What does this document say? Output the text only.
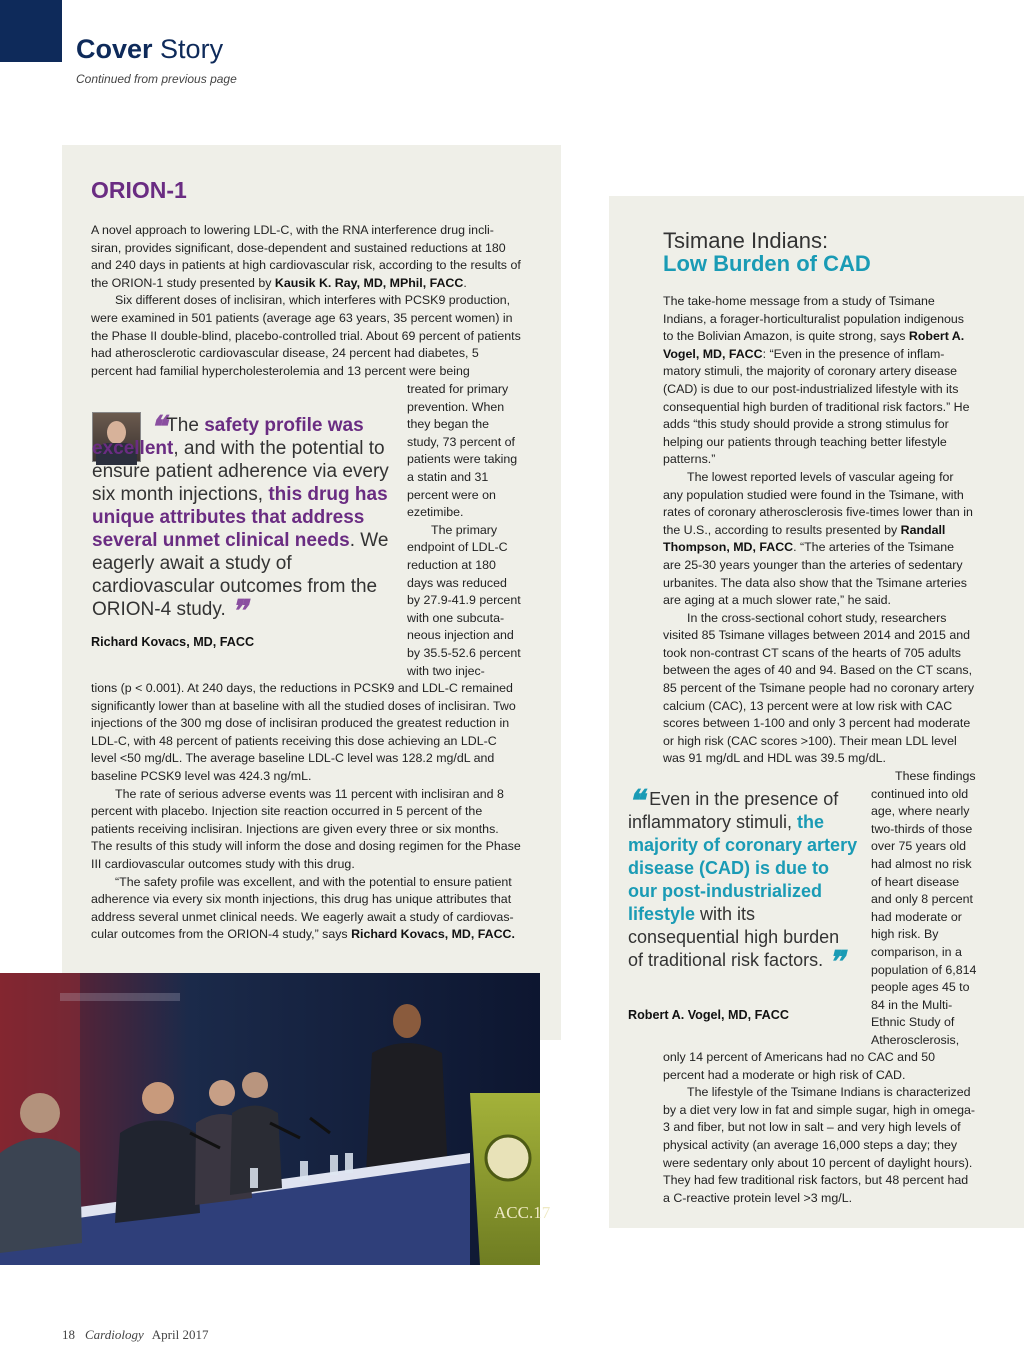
Cover Story
Continued from previous page
ORION-1

A novel approach to lowering LDL-C, with the RNA interference drug incli-siran, provides significant, dose-dependent and sustained reductions at 180 and 240 days in patients at high cardiovascular risk, according to the results of the ORION-1 study presented by Kausik K. Ray, MD, MPhil, FACC.

Six different doses of inclisiran, which interferes with PCSK9 production, were examined in 501 patients (average age 63 years, 35 percent women) in the Phase II double-blind, placebo-controlled trial. About 69 percent of patients had atherosclerotic cardiovascular disease, 24 percent had diabetes, 5 percent had familial hypercholesterolemia and 13 percent were being

treated for primary prevention. When they began the study, 73 percent of patients were taking a statin and 31 percent were on ezetimibe.

The primary endpoint of LDL-C reduction at 180 days was reduced by 27.9-41.9 percent with one subcuta-neous injection and by 35.5-52.6 percent with two injec-

❝The safety profile was excellent, and with the potential to ensure patient adherence via every six month injections, this drug has unique attributes that address several unmet clinical needs. We eagerly await a study of cardiovascular outcomes from the ORION-4 study. ❞
Richard Kovacs, MD, FACC

tions (p < 0.001). At 240 days, the reductions in PCSK9 and LDL-C remained significantly lower than at baseline with all the studied doses of inclisiran. Two injections of the 300 mg dose of inclisiran produced the greatest reduction in LDL-C, with 48 percent of patients receiving this dose achieving an LDL-C level <50 mg/dL. The average baseline LDL-C level was 128.2 mg/dL and baseline PCSK9 level was 424.3 ng/mL.

The rate of serious adverse events was 11 percent with inclisiran and 8 percent with placebo. Injection site reaction occurred in 5 percent of the patients receiving inclisiran. Injections are given every three or six months. The results of this study will inform the dose and dosing regimen for the Phase III cardiovascular outcomes study with this drug.

“The safety profile was excellent, and with the potential to ensure patient adherence via every six month injections, this drug has unique attributes that address several unmet clinical needs. We eagerly await a study of cardiovas-cular outcomes from the ORION-4 study,” says Richard Kovacs, MD, FACC.

Tsimane Indians:
Low Burden of CAD

The take-home message from a study of Tsimane Indians, a forager-horticulturalist population indigenous to the Bolivian Amazon, is quite strong, says Robert A. Vogel, MD, FACC: “Even in the presence of inflam-matory stimuli, the majority of coronary artery disease (CAD) is due to our post-industrialized lifestyle with its consequential high burden of traditional risk factors.” He adds “this study should provide a strong stimulus for helping our patients through teaching better lifestyle patterns.”

The lowest reported levels of vascular ageing for any population studied were found in the Tsimane, with rates of coronary atherosclerosis five-times lower than in the U.S., according to results presented by Randall Thompson, MD, FACC. “The arteries of the Tsimane are 25-30 years younger than the arteries of sedentary urbanites. The data also show that the Tsimane arteries are aging at a much slower rate,” he said.

In the cross-sectional cohort study, researchers visited 85 Tsimane villages between 2014 and 2015 and took non-contrast CT scans of the hearts of 705 adults between the ages of 40 and 94. Based on the CT scans, 85 percent of the Tsimane people had no coronary artery calcium (CAC), 13 percent were at low risk with CAC scores between 1-100 and only 3 percent had moderate or high risk (CAC scores >100). Their mean LDL level was 91 mg/dL and HDL was 39.5 mg/dL.

These findings continued into old age, where nearly two-thirds of those over 75 years old had almost no risk of heart disease and only 8 percent had moderate or high risk. By comparison, in a population of 6,814 people ages 45 to 84 in the Multi-Ethnic Study of Atherosclerosis,

❝ Even in the presence of inflammatory stimuli, the majority of coronary artery disease (CAD) is due to our post-industrialized lifestyle with its consequential high burden of traditional risk factors. ❞
Robert A. Vogel, MD, FACC

only 14 percent of Americans had no CAC and 50 percent had a moderate or high risk of CAD.

The lifestyle of the Tsimane Indians is characterized by a diet very low in fat and simple sugar, high in omega-3 and fiber, but not low in salt – and very high levels of physical activity (an average 16,000 steps a day; they were sedentary only about 10 percent of daylight hours). They had few traditional risk factors, but 48 percent had a C-reactive protein level >3 mg/L.

ACC.17
18 Cardiology April 2017
